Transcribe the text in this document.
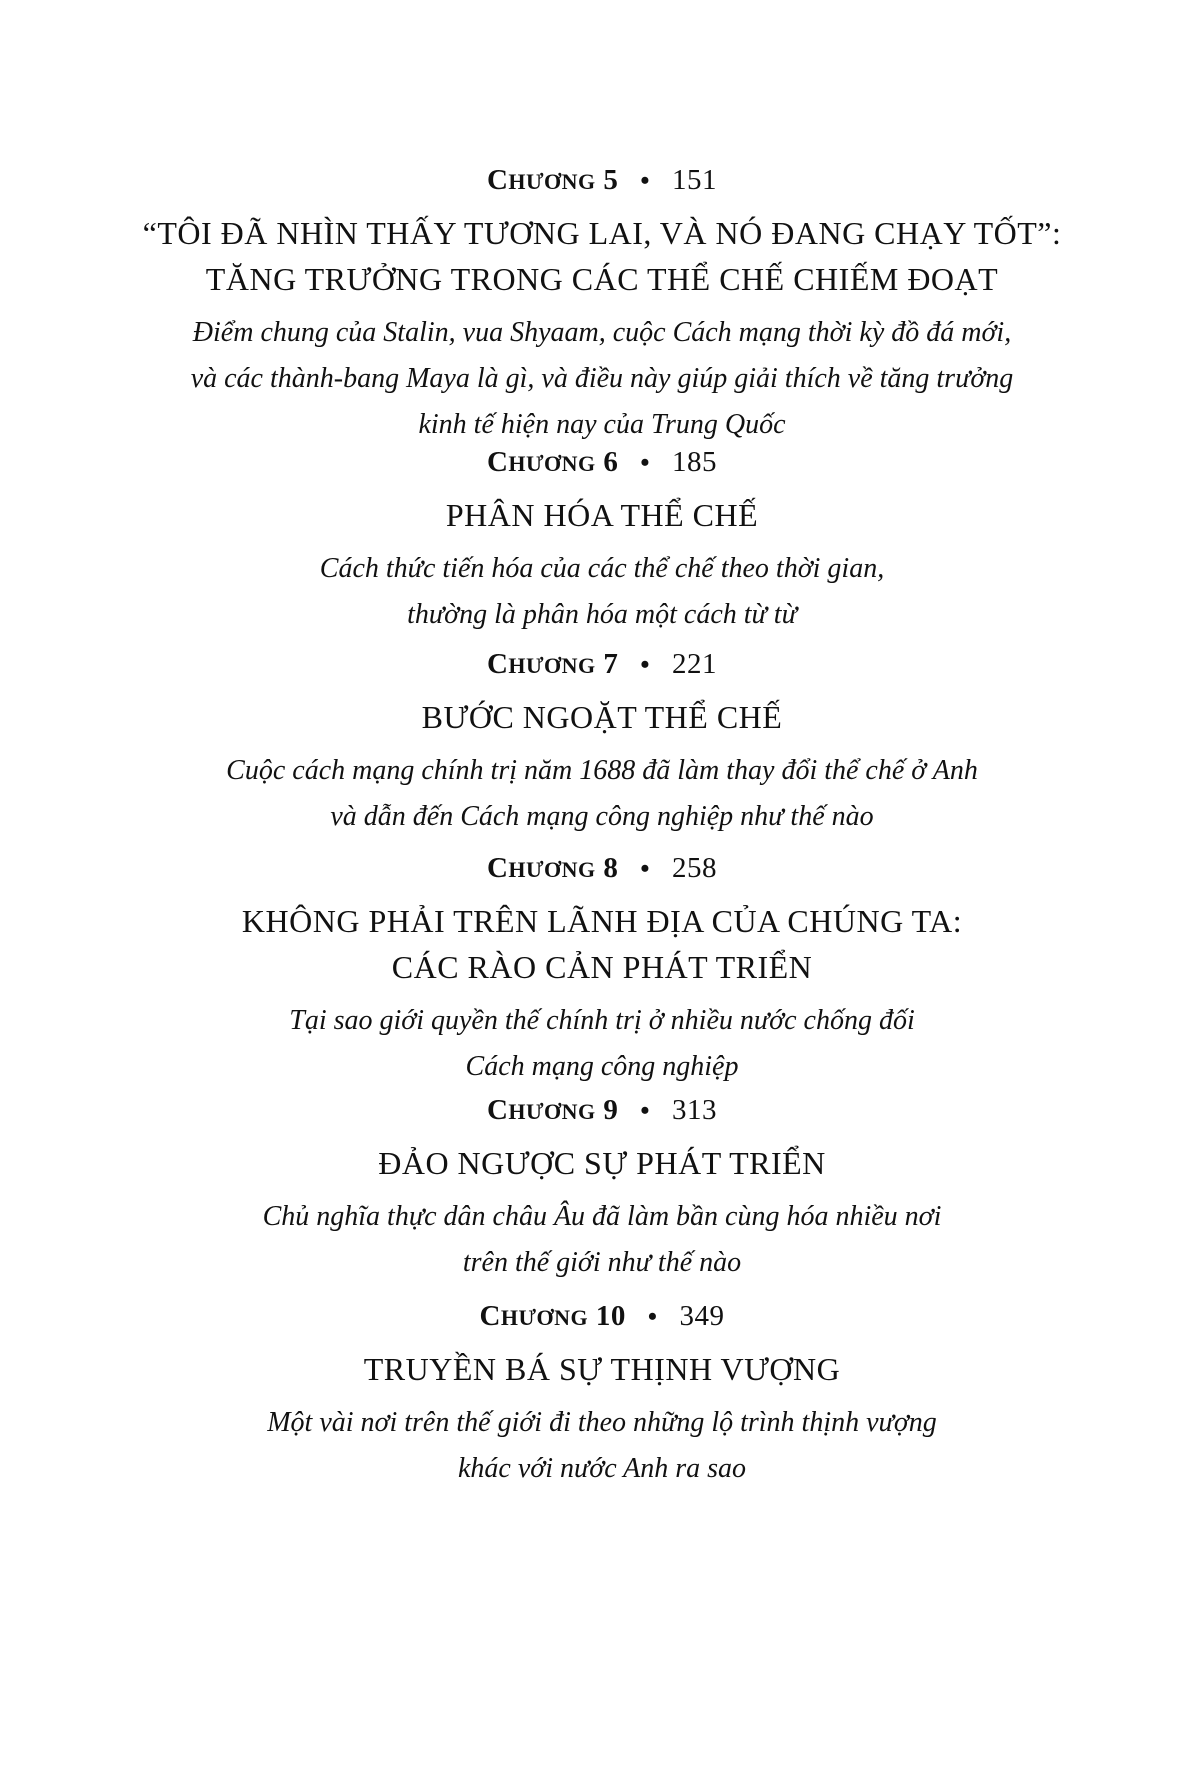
CHƯƠNG 5 • 151
“TÔI ĐÃ NHÌN THẤY TƯƠNG LAI, VÀ NÓ ĐANG CHẠY TỐT”:
TĂNG TRƯỞNG TRONG CÁC THỂ CHẾ CHIẾM ĐOẠT
Điểm chung của Stalin, vua Shyaam, cuộc Cách mạng thời kỳ đồ đá mới,
và các thành-bang Maya là gì, và điều này giúp giải thích về tăng trưởng
kinh tế hiện nay của Trung Quốc
CHƯƠNG 6 • 185
PHÂN HÓA THỂ CHẾ
Cách thức tiến hóa của các thể chế theo thời gian,
thường là phân hóa một cách từ từ
CHƯƠNG 7 • 221
BƯỚC NGOẶT THỂ CHẾ
Cuộc cách mạng chính trị năm 1688 đã làm thay đổi thể chế ở Anh
và dẫn đến Cách mạng công nghiệp như thế nào
CHƯƠNG 8 • 258
KHÔNG PHẢI TRÊN LÃNH ĐỊA CỦA CHÚNG TA:
CÁC RÀO CẢN PHÁT TRIỂN
Tại sao giới quyền thế chính trị ở nhiều nước chống đối
Cách mạng công nghiệp
CHƯƠNG 9 • 313
ĐẢO NGƯỢC SỰ PHÁT TRIỂN
Chủ nghĩa thực dân châu Âu đã làm bần cùng hóa nhiều nơi
trên thế giới như thế nào
CHƯƠNG 10 • 349
TRUYỀN BÁ SỰ THỊNH VƯỢNG
Một vài nơi trên thế giới đi theo những lộ trình thịnh vượng
khác với nước Anh ra sao
